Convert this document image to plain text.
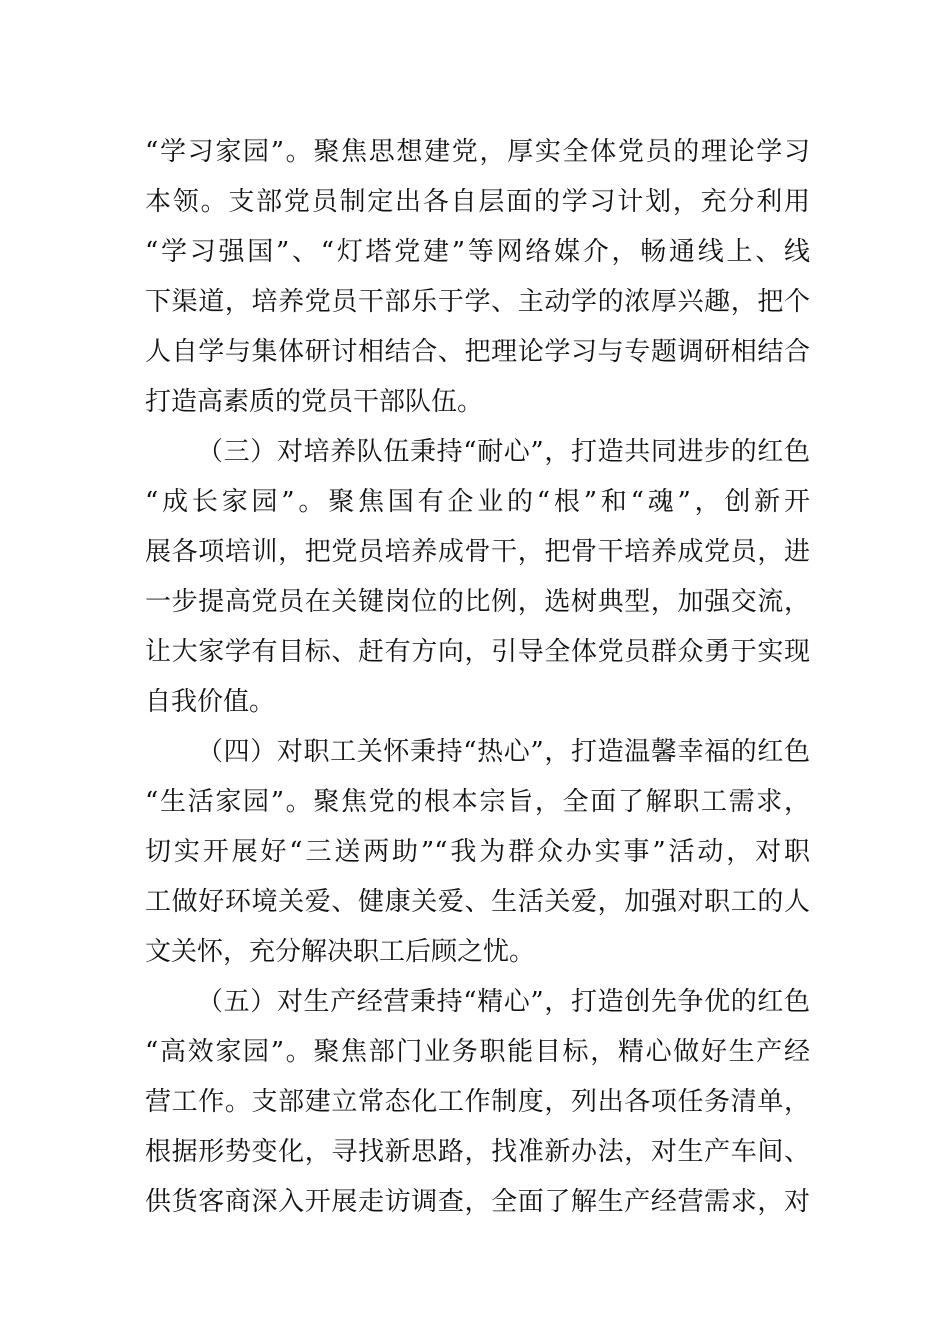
“学习家园”。聚焦思想建党，厚实全体党员的理论学习
本领。支部党员制定出各自层面的学习计划，充分利用
“学习强国”、“灯塔党建”等网络媒介，畅通线上、线
下渠道，培养党员干部乐于学、主动学的浓厚兴趣，把个
人自学与集体研讨相结合、把理论学习与专题调研相结合
打造高素质的党员干部队伍。
（三）对培养队伍秉持“耐心”，打造共同进步的红色
“成长家园”。聚焦国有企业的“根”和“魂”，创新开
展各项培训，把党员培养成骨干，把骨干培养成党员，进
一步提高党员在关键岗位的比例，选树典型，加强交流，
让大家学有目标、赶有方向，引导全体党员群众勇于实现
自我价值。
（四）对职工关怀秉持“热心”，打造温馨幸福的红色
“生活家园”。聚焦党的根本宗旨，全面了解职工需求，
切实开展好“三送两助”“我为群众办实事”活动，对职
工做好环境关爱、健康关爱、生活关爱，加强对职工的人
文关怀，充分解决职工后顾之忧。
（五）对生产经营秉持“精心”，打造创先争优的红色
“高效家园”。聚焦部门业务职能目标，精心做好生产经
营工作。支部建立常态化工作制度，列出各项任务清单，
根据形势变化，寻找新思路，找准新办法，对生产车间、
供货客商深入开展走访调查，全面了解生产经营需求，对
